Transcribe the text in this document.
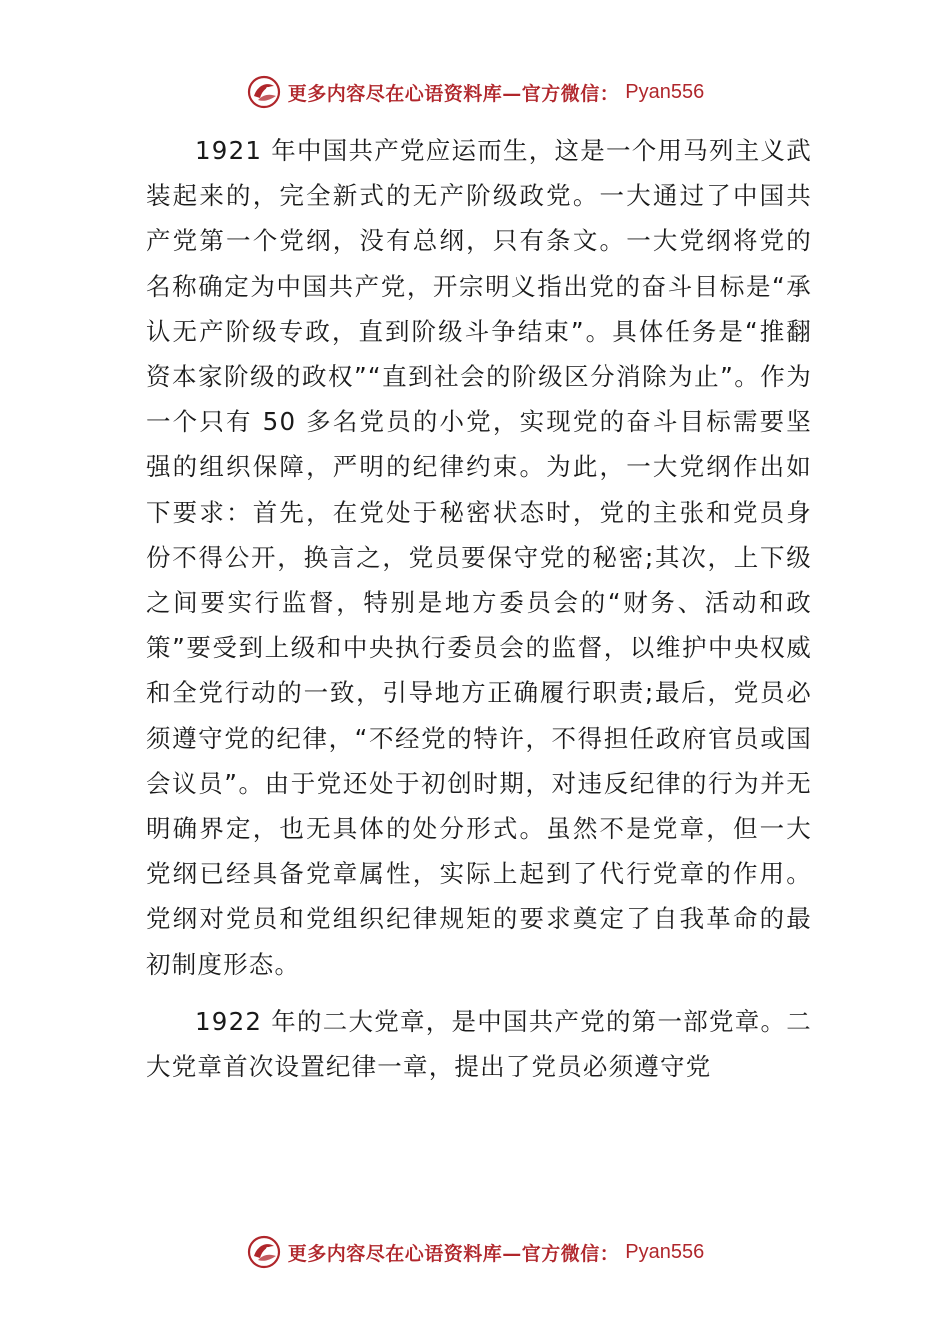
更多内容尽在心语资料库—官方微信： Pyan556

1921 年中国共产党应运而生，这是一个用马列主义武装起来的，完全新式的无产阶级政党。一大通过了中国共产党第一个党纲，没有总纲，只有条文。一大党纲将党的名称确定为中国共产党，开宗明义指出党的奋斗目标是“承认无产阶级专政，直到阶级斗争结束”。具体任务是“推翻资本家阶级的政权”“直到社会的阶级区分消除为止”。作为一个只有 50 多名党员的小党，实现党的奋斗目标需要坚强的组织保障，严明的纪律约束。为此，一大党纲作出如下要求：首先，在党处于秘密状态时，党的主张和党员身份不得公开，换言之，党员要保守党的秘密;其次，上下级之间要实行监督，特别是地方委员会的“财务、活动和政策”要受到上级和中央执行委员会的监督，以维护中央权威和全党行动的一致，引导地方正确履行职责;最后，党员必须遵守党的纪律，“不经党的特许，不得担任政府官员或国会议员”。由于党还处于初创时期，对违反纪律的行为并无明确界定，也无具体的处分形式。虽然不是党章，但一大党纲已经具备党章属性，实际上起到了代行党章的作用。党纲对党员和党组织纪律规矩的要求奠定了自我革命的最初制度形态。

1922 年的二大党章，是中国共产党的第一部党章。二大党章首次设置纪律一章，提出了党员必须遵守党

更多内容尽在心语资料库—官方微信： Pyan556
